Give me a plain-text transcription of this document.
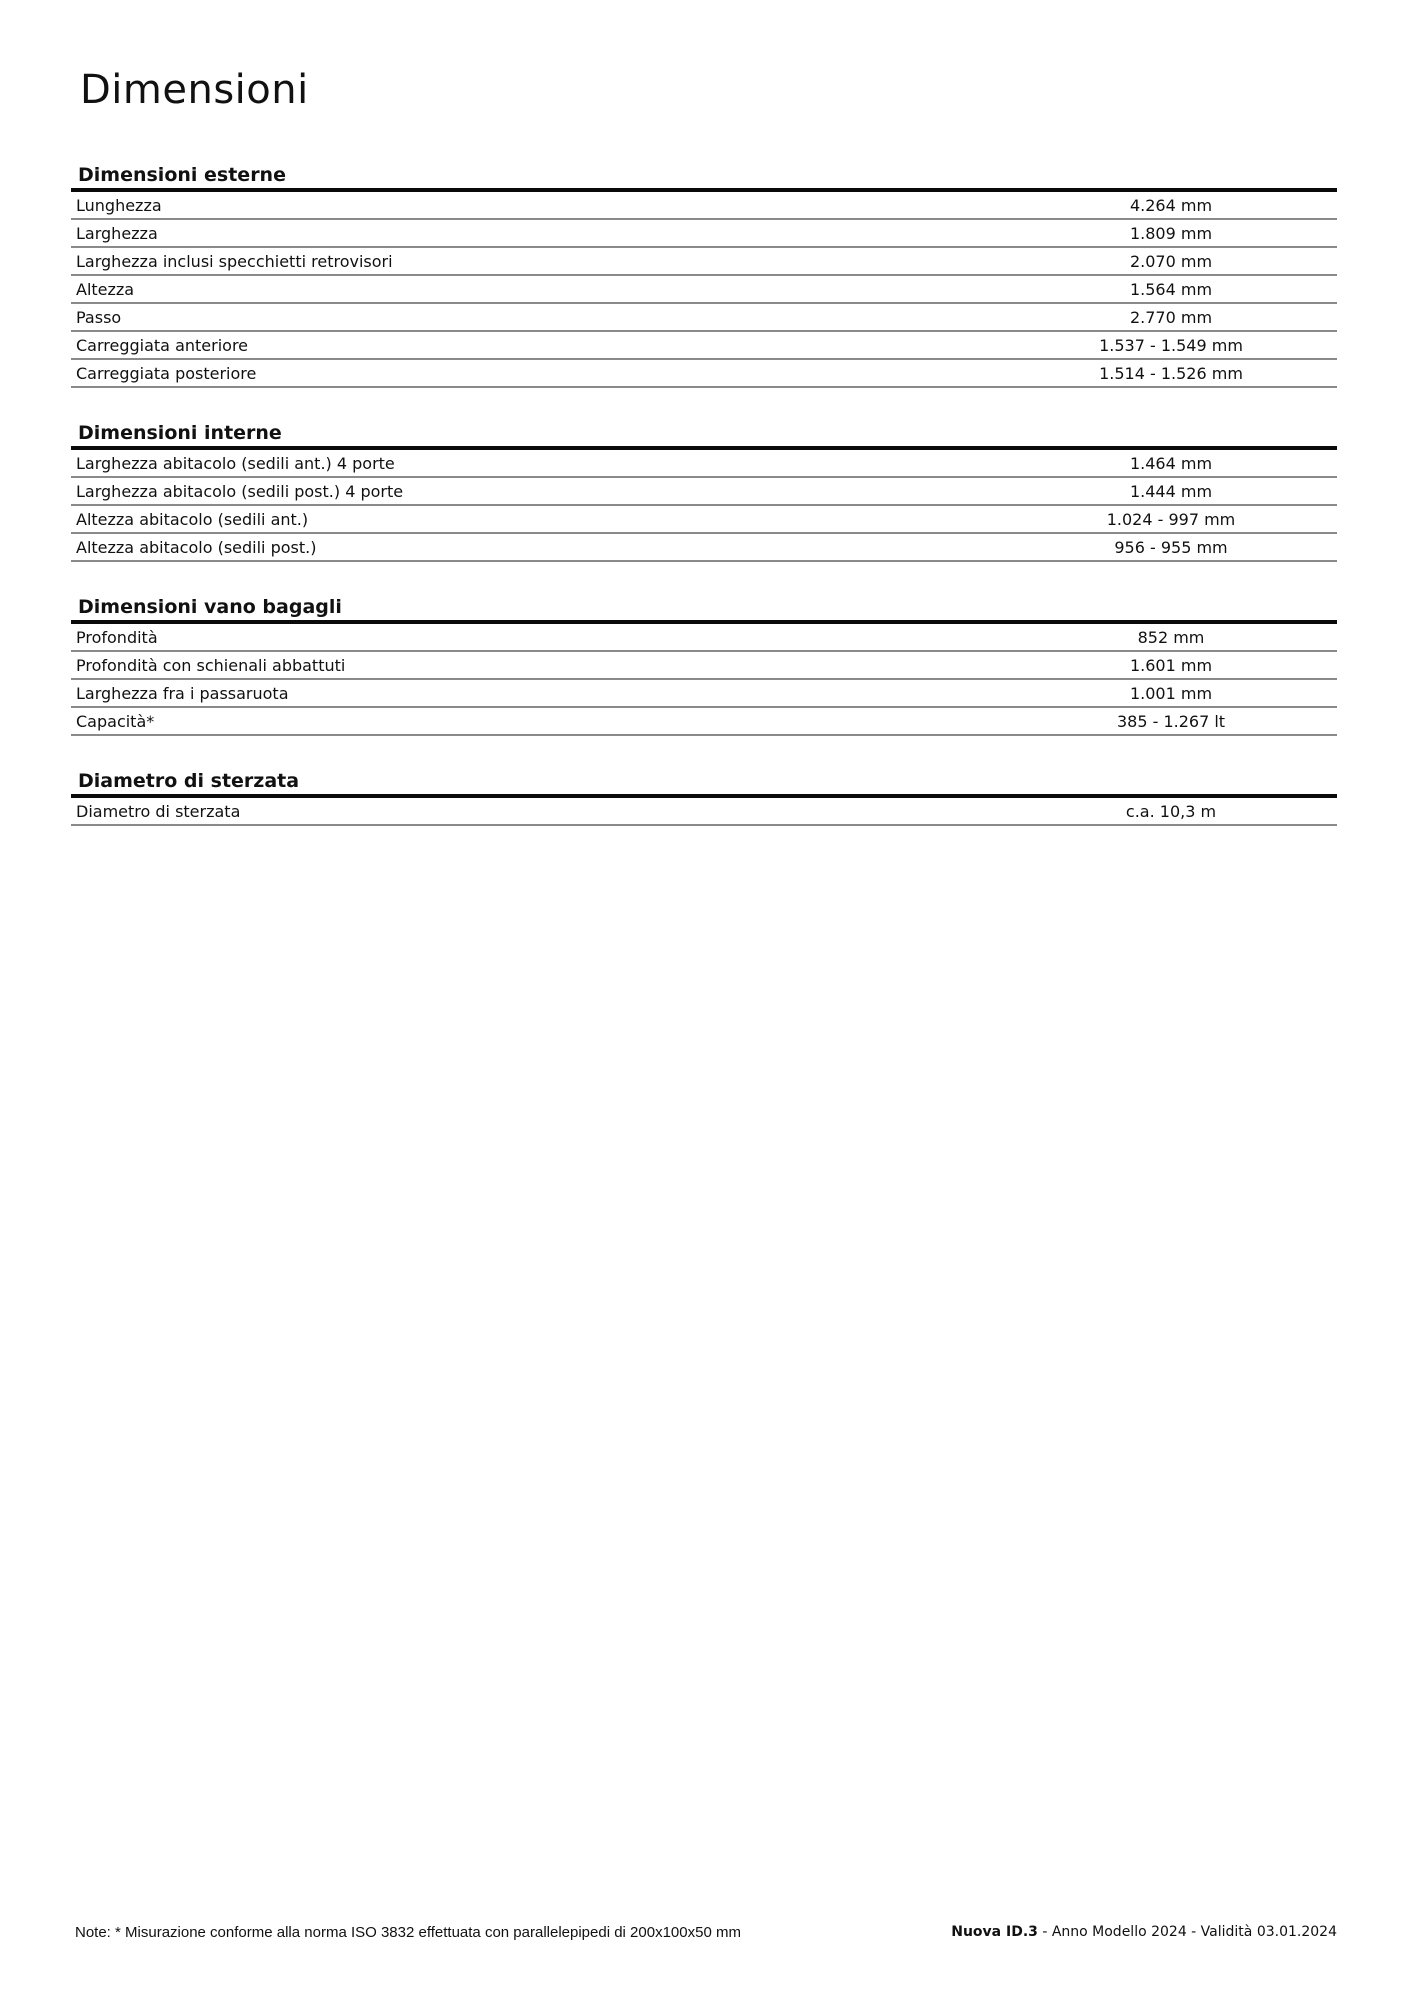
Dimensioni
Dimensioni esterne
Lunghezza	4.264 mm
Larghezza	1.809 mm
Larghezza inclusi specchietti retrovisori	2.070 mm
Altezza	1.564 mm
Passo	2.770 mm
Carreggiata anteriore	1.537 - 1.549 mm
Carreggiata posteriore	1.514 - 1.526 mm
Dimensioni interne
Larghezza abitacolo (sedili ant.) 4 porte	1.464 mm
Larghezza abitacolo (sedili post.) 4 porte	1.444 mm
Altezza abitacolo (sedili ant.)	1.024 - 997 mm
Altezza abitacolo (sedili post.)	956 - 955 mm
Dimensioni vano bagagli
Profondità	852 mm
Profondità con schienali abbattuti	1.601 mm
Larghezza fra i passaruota	1.001 mm
Capacità*	385 - 1.267 lt
Diametro di sterzata
Diametro di sterzata	c.a. 10,3 m
Note: * Misurazione conforme alla norma ISO 3832 effettuata con parallelepipedi di 200x100x50 mm	Nuova ID.3 - Anno Modello 2024 - Validità 03.01.2024
